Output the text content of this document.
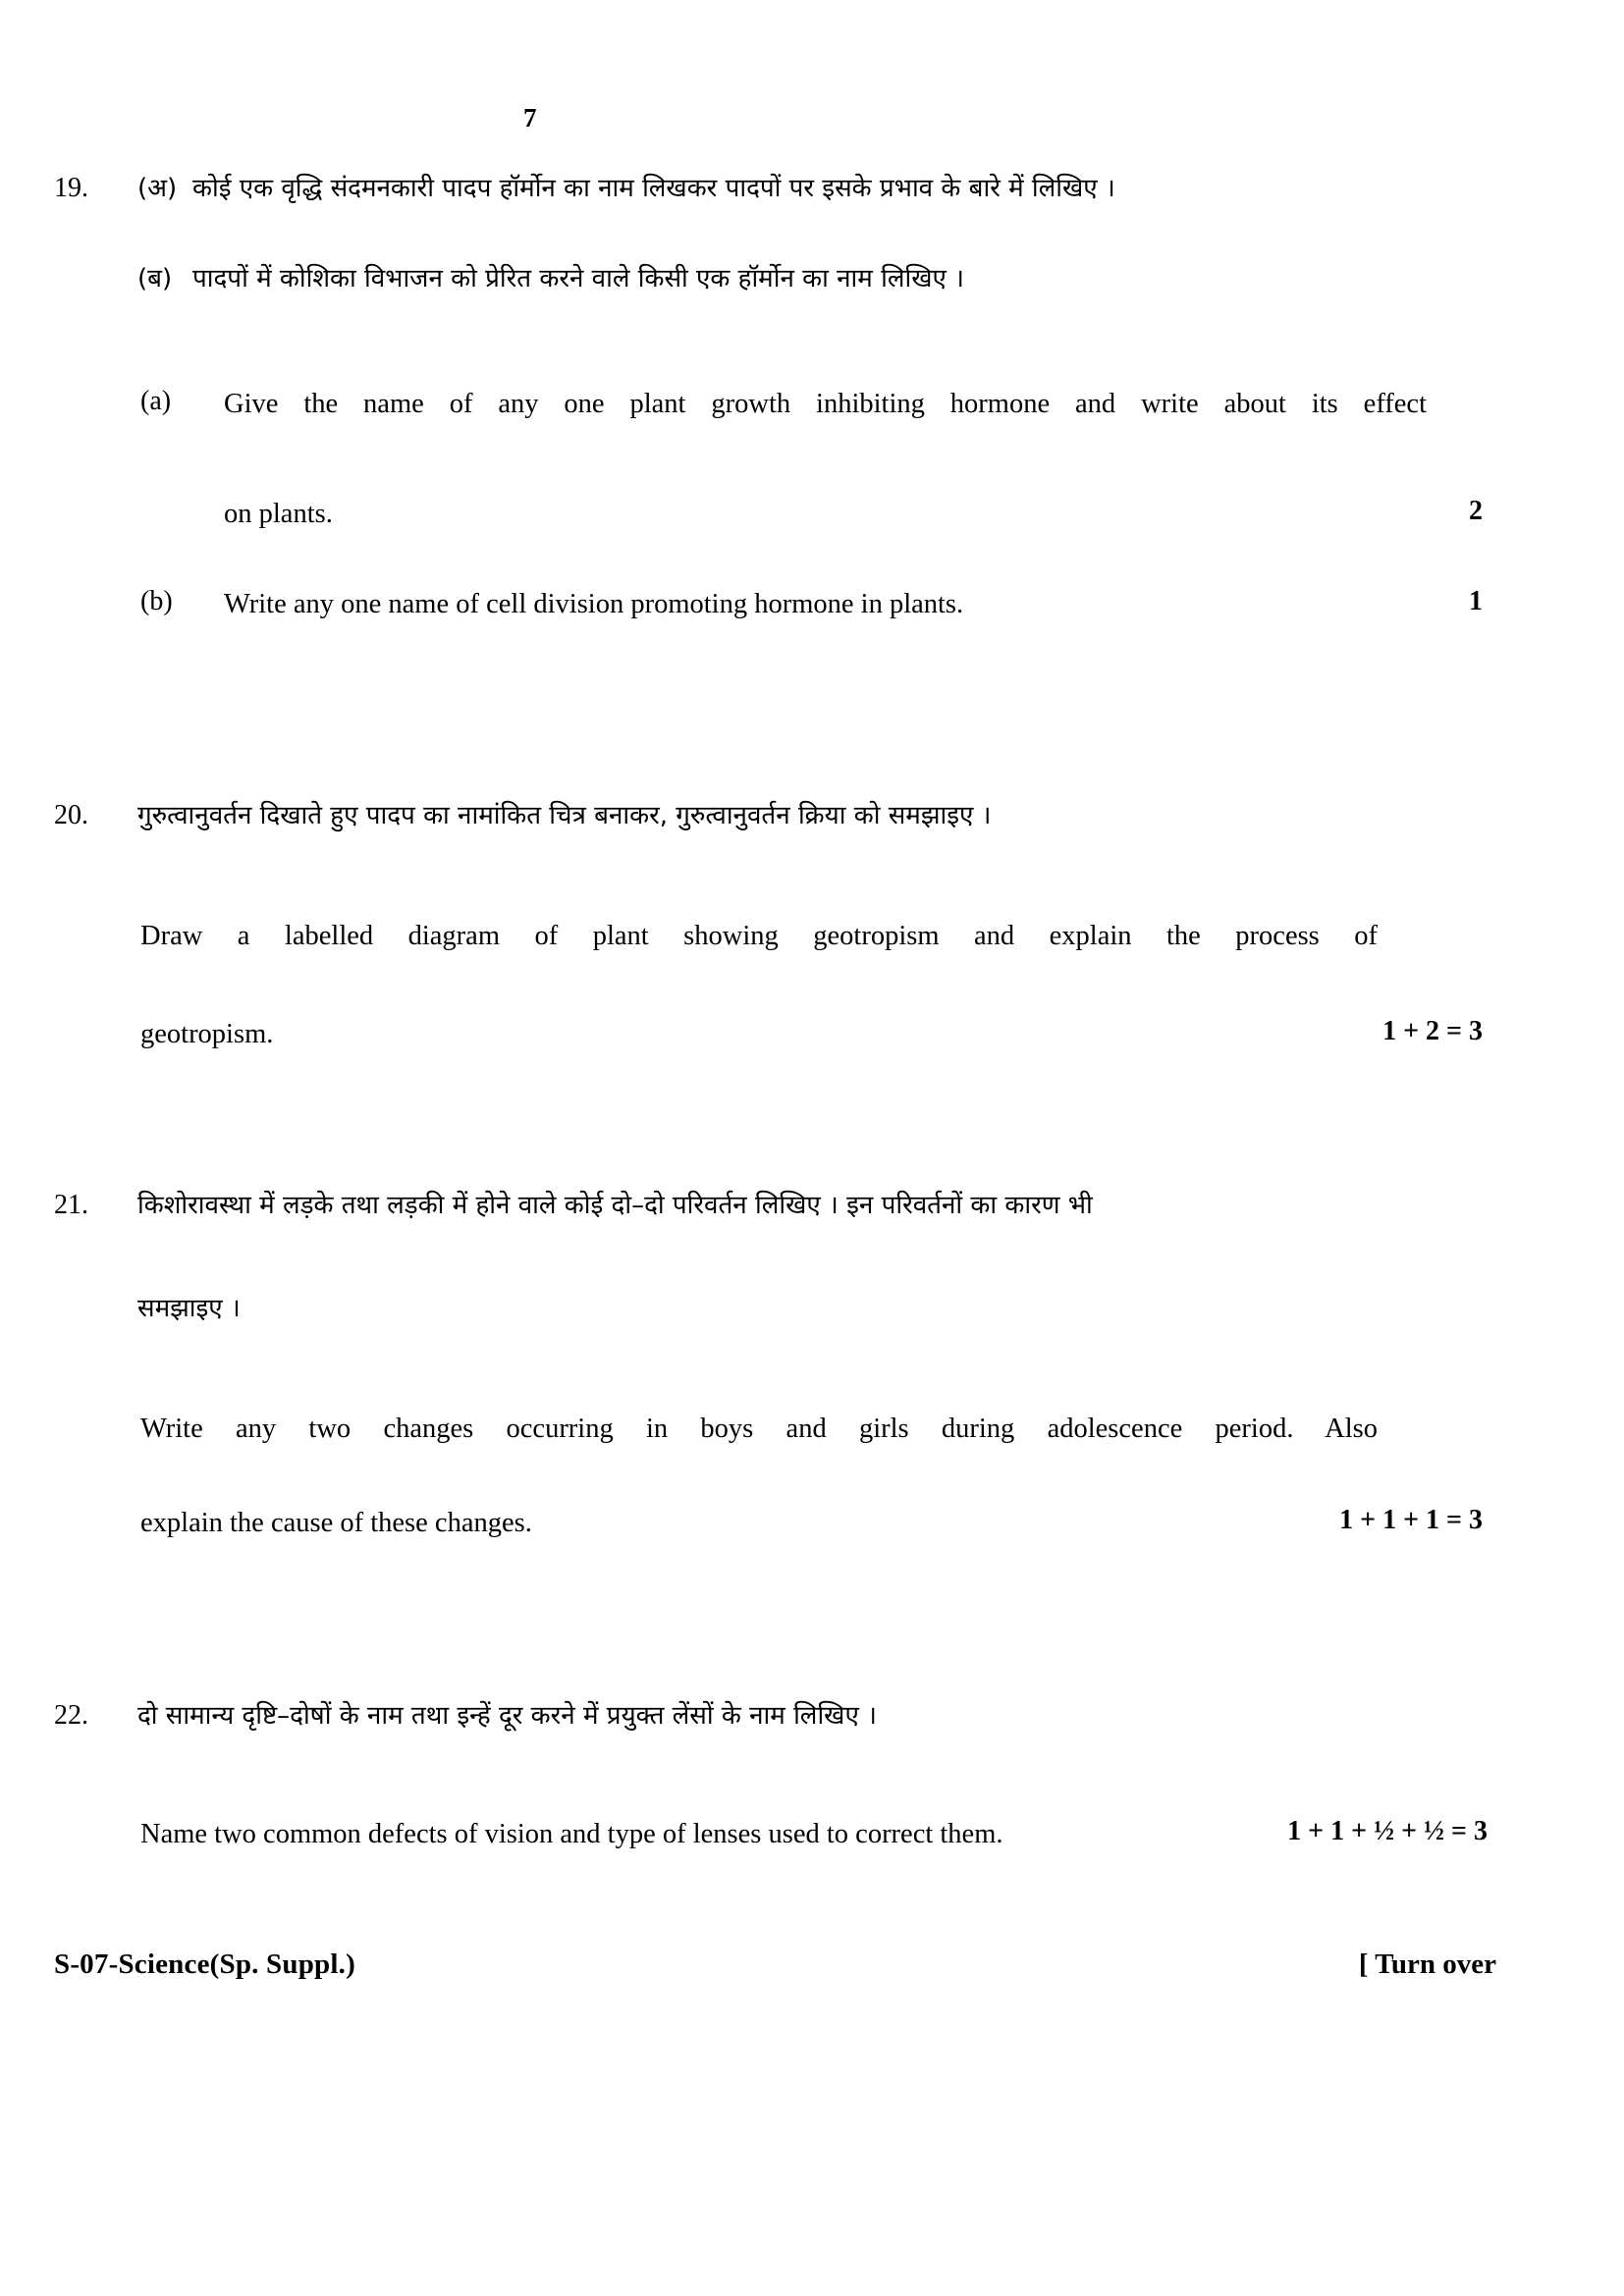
7
19.	(अ) कोई एक वृद्धि संदमनकारी पादप हॉर्मोन का नाम लिखकर पादपों पर इसके प्रभाव के बारे में लिखिए ।
(ब) पादपों में कोशिका विभाजन को प्रेरित करने वाले किसी एक हॉर्मोन का नाम लिखिए ।
(a)	Give the name of any one plant growth inhibiting hormone and write about its effect
on plants.	2
(b)	Write any one name of cell division promoting hormone in plants.	1
20.	गुरुत्वानुवर्तन दिखाते हुए पादप का नामांकित चित्र बनाकर, गुरुत्वानुवर्तन क्रिया को समझाइए ।
Draw a labelled diagram of plant showing geotropism and explain the process of
geotropism.	1 + 2 = 3
21.	किशोरावस्था में लड़के तथा लड़की में होने वाले कोई दो–दो परिवर्तन लिखिए । इन परिवर्तनों का कारण भी
समझाइए ।
Write any two changes occurring in boys and girls during adolescence period. Also
explain the cause of these changes.	1 + 1 + 1 = 3
22.	दो सामान्य दृष्टि–दोषों के नाम तथा इन्हें दूर करने में प्रयुक्त लेंसों के नाम लिखिए ।
Name two common defects of vision and type of lenses used to correct them.	1 + 1 + ½ + ½ = 3
S-07-Science(Sp. Suppl.)	[ Turn over
